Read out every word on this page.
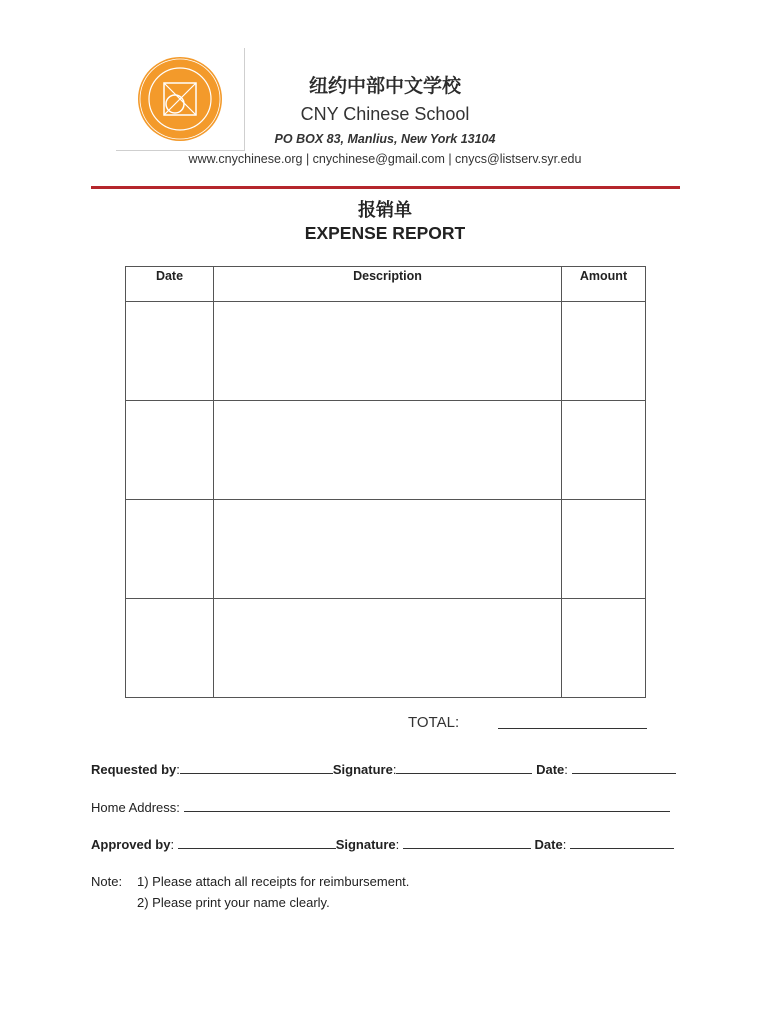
纽约中部中文学校
CNY Chinese School
PO BOX 83, Manlius, New York 13104
www.cnychinese.org | cnychinese@gmail.com | cnycs@listserv.syr.edu
报销单
EXPENSE REPORT
Date	Description	Amount

TOTAL:
Requested by:	Signature:	Date:
Home Address:
Approved by:	Signature:	Date:
Note: 1) Please attach all receipts for reimbursement.
2) Please print your name clearly.
